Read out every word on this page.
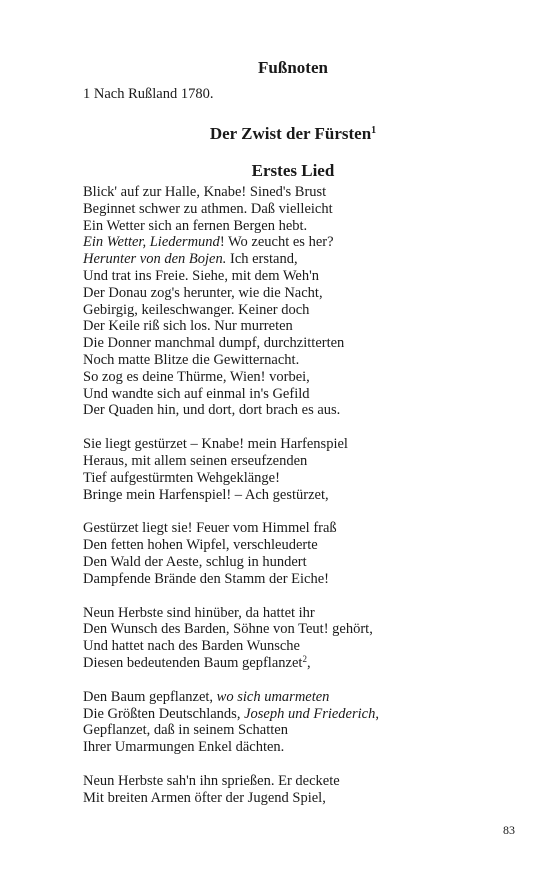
Fußnoten
1 Nach Rußland 1780.
Der Zwist der Fürsten$^1$
Erstes Lied
Blick' auf zur Halle, Knabe! Sined's Brust
Beginnet schwer zu athmen. Daß vielleicht
Ein Wetter sich an fernen Bergen hebt.
Ein Wetter, Liedermund! Wo zeucht es her?
Herunter von den Bojen. Ich erstand,
Und trat ins Freie. Siehe, mit dem Weh'n
Der Donau zog's herunter, wie die Nacht,
Gebirgig, keileschwanger. Keiner doch
Der Keile riß sich los. Nur murreten
Die Donner manchmal dumpf, durchzitterten
Noch matte Blitze die Gewitternacht.
So zog es deine Thürme, Wien! vorbei,
Und wandte sich auf einmal in's Gefild
Der Quaden hin, und dort, dort brach es aus.
Sie liegt gestürzet – Knabe! mein Harfenspiel
Heraus, mit allem seinen erseufzenden
Tief aufgestürmten Wehgeklänge!
Bringe mein Harfenspiel! – Ach gestürzet,
Gestürzet liegt sie! Feuer vom Himmel fraß
Den fetten hohen Wipfel, verschleuderte
Den Wald der Aeste, schlug in hundert
Dampfende Brände den Stamm der Eiche!
Neun Herbste sind hinüber, da hattet ihr
Den Wunsch des Barden, Söhne von Teut! gehört,
Und hattet nach des Barden Wunsche
Diesen bedeutenden Baum gepflanzet$^2$,
Den Baum gepflanzet, wo sich umarmeten
Die Größten Deutschlands, Joseph und Friederich,
Gepflanzet, daß in seinem Schatten
Ihrer Umarmungen Enkel dächten.
Neun Herbste sah'n ihn sprießen. Er deckete
Mit breiten Armen öfter der Jugend Spiel,
83
